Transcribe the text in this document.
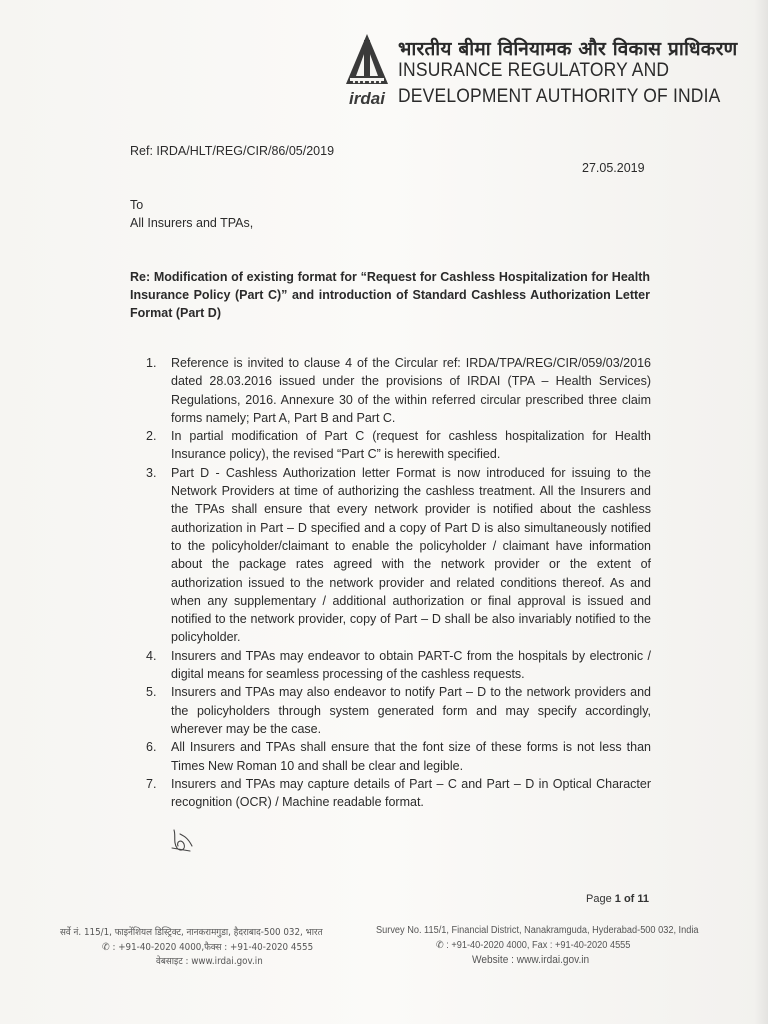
irdai
भारतीय बीमा विनियामक और विकास प्राधिकरण
INSURANCE REGULATORY AND
DEVELOPMENT AUTHORITY OF INDIA
Ref: IRDA/HLT/REG/CIR/86/05/2019
27.05.2019
To
All Insurers and TPAs,
Re: Modification of existing format for “Request for Cashless Hospitalization for Health Insurance Policy (Part C)” and introduction of Standard Cashless Authorization Letter Format (Part D)
1. Reference is invited to clause 4 of the Circular ref: IRDA/TPA/REG/CIR/059/03/2016 dated 28.03.2016 issued under the provisions of IRDAI (TPA – Health Services) Regulations, 2016. Annexure 30 of the within referred circular prescribed three claim forms namely; Part A, Part B and Part C.
2. In partial modification of Part C (request for cashless hospitalization for Health Insurance policy), the revised “Part C” is herewith specified.
3. Part D - Cashless Authorization letter Format is now introduced for issuing to the Network Providers at time of authorizing the cashless treatment. All the Insurers and the TPAs shall ensure that every network provider is notified about the cashless authorization in Part – D specified and a copy of Part D is also simultaneously notified to the policyholder/claimant to enable the policyholder / claimant have information about the package rates agreed with the network provider or the extent of authorization issued to the network provider and related conditions thereof. As and when any supplementary / additional authorization or final approval is issued and notified to the network provider, copy of Part – D shall be also invariably notified to the policyholder.
4. Insurers and TPAs may endeavor to obtain PART-C from the hospitals by electronic / digital means for seamless processing of the cashless requests.
5. Insurers and TPAs may also endeavor to notify Part – D to the network providers and the policyholders through system generated form and may specify accordingly, wherever may be the case.
6. All Insurers and TPAs shall ensure that the font size of these forms is not less than Times New Roman 10 and shall be clear and legible.
7. Insurers and TPAs may capture details of Part – C and Part – D in Optical Character recognition (OCR) / Machine readable format.
Page 1 of 11
सर्वे नं. 115/1, फाइनेंशियल डिस्ट्रिक्ट, नानकरामगुडा, हैदराबाद-500 032, भारत
✆ : +91-40-2020 4000,फैक्स : +91-40-2020 4555
वेबसाइट : www.irdai.gov.in
Survey No. 115/1, Financial District, Nanakramguda, Hyderabad-500 032, India
✆ : +91-40-2020 4000, Fax : +91-40-2020 4555
Website : www.irdai.gov.in
